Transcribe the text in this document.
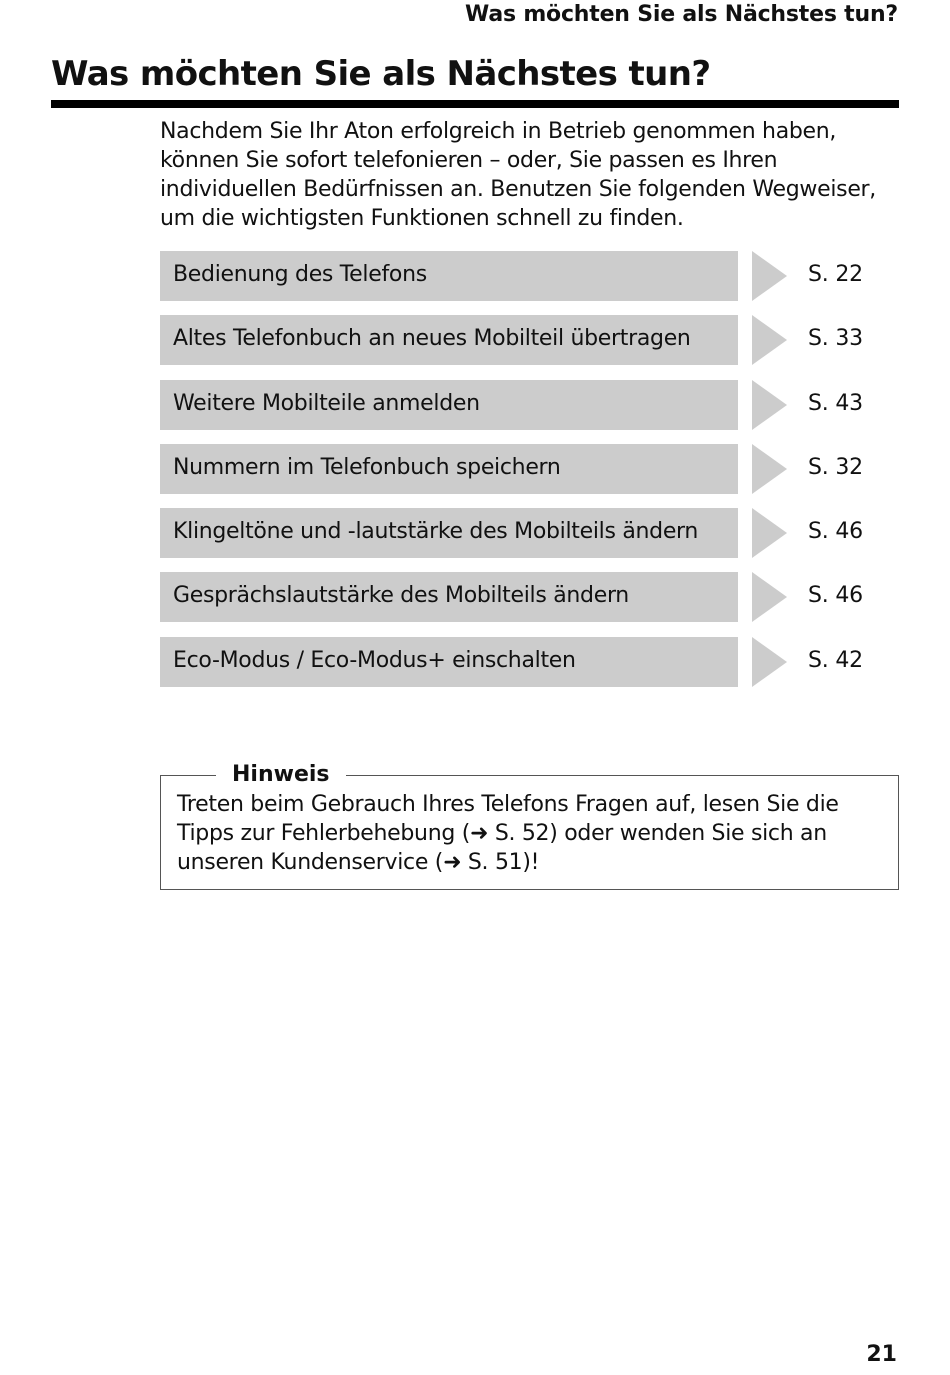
Was möchten Sie als Nächstes tun?
Was möchten Sie als Nächstes tun?

Nachdem Sie Ihr Aton erfolgreich in Betrieb genommen haben, können Sie sofort telefonieren – oder, Sie passen es Ihren individuellen Bedürfnissen an. Benutzen Sie folgenden Wegweiser, um die wichtigsten Funktionen schnell zu finden.

Bedienung des Telefons	S. 22
Altes Telefonbuch an neues Mobilteil übertragen	S. 33
Weitere Mobilteile anmelden	S. 43
Nummern im Telefonbuch speichern	S. 32
Klingeltöne und -lautstärke des Mobilteils ändern	S. 46
Gesprächslautstärke des Mobilteils ändern	S. 46
Eco-Modus / Eco-Modus+ einschalten	S. 42
Hinweis

Treten beim Gebrauch Ihres Telefons Fragen auf, lesen Sie die Tipps zur Fehlerbehebung (➜ S. 52) oder wenden Sie sich an unseren Kundenservice (➜ S. 51)!

21
